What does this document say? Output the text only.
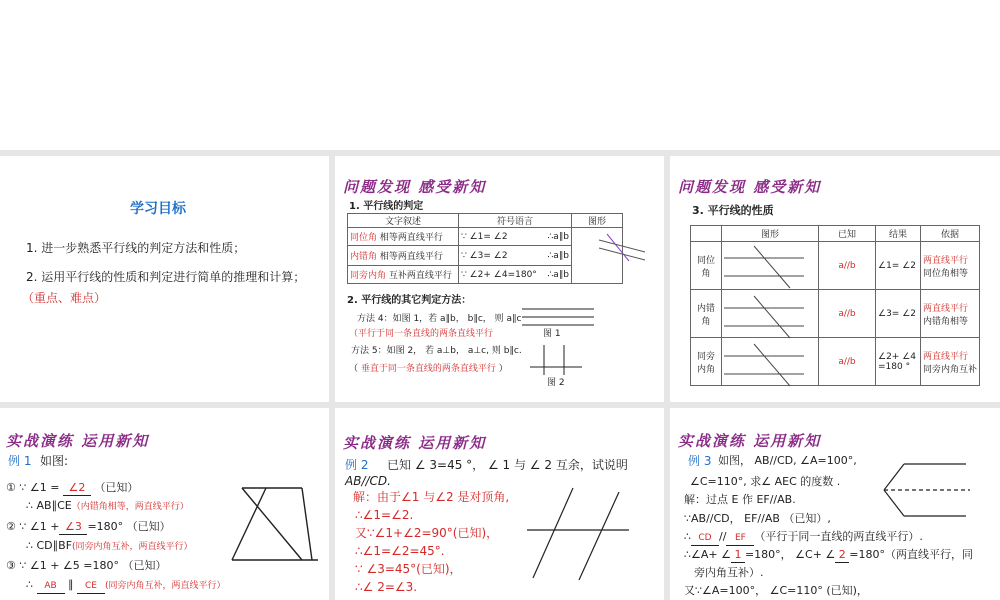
学习目标
1. 进一步熟悉平行线的判定方法和性质；
2. 运用平行线的性质和判定进行简单的推理和计算；
（重点、难点）
问题发现 感受新知
1. 平行线的判定
文字叙述	符号语言	图形
同位角 相等两直线平行	∵ ∠1= ∠2 ∴a∥b	

内错角 相等两直线平行	∵ ∠3= ∠2 ∴a∥b	

同旁内角 互补两直线平行	∵ ∠2+ ∠4=180° ∴a∥b	
2. 平行线的其它判定方法：
方法 4：如图 1，若 a∥b， b∥c， 则 a∥c
（平行于同一条直线的两条直线平行	图 1
方法 5：如图 2， 若 a⊥b， a⊥c, 则 b∥c.
（ 垂直于同一条直线的两条直线平行 ）
图 2
问题发现 感受新知
3. 平行线的性质
	图形	已知	结果	依据
同位角		a//b	∠1= ∠2	两直线平行
同位角相等

内错角		a//b	∠3= ∠2	两直线平行
内错角相等

同旁内角		a//b	∠2+ ∠4 =180 °	两直线平行
同旁内角互补
实战演练 运用新知
例 1 如图:
① ∵ ∠1 = ∠2 （已知）
∴ AB∥CE（内错角相等，两直线平行）
② ∵ ∠1 + ∠3 =180° （已知）
∴ CD∥BF(同旁内角互补，两直线平行）
③ ∵ ∠1 + ∠5 =180° （已知）
∴ AB ∥ CE (同旁内角互补，两直线平行）
实战演练 运用新知
例 2 已知 ∠ 3=45 °， ∠ 1 与 ∠ 2 互余，试说明
AB//CD.
解：由于∠1 与∠2 是对顶角,
∴∠1=∠2.
又∵∠1+∠2=90°(已知)，
∴∠1=∠2=45°.
∵ ∠3=45°(已知)，
∴∠ 2=∠3.
实战演练 运用新知
例 3 如图， AB//CD, ∠A=100°,
∠C=110°, 求∠ AEC 的度数 .
解：过点 E 作 EF//AB.
∵AB//CD， EF//AB （已知）,
∴ CD // EF （平行于同一直线的两直线平行）.
∴∠A+ ∠ 1 =180°， ∠C+ ∠ 2 =180°（两直线平行，同
旁内角互补）.
又∵∠A=100°， ∠C=110° (已知)，
